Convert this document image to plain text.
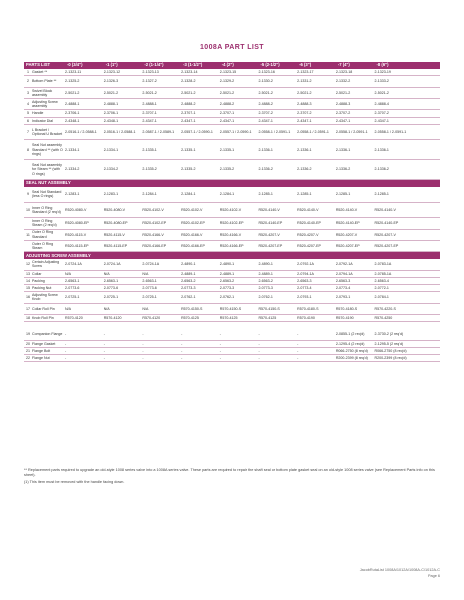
1008A PART LIST
PARTS LIST	-0 (3/4")	-1 (1")	-2 (1-1/4")	-3 (1-1/2")	-4 (2")	-5 (2-1/2")	-6 (3")	-7 (4")	-8 (6")
1 Gasket **	2-1323-11	2-1323-12	2-1323-13	2-1323-14	2-1323-15	2-1323-16	2-1323-17	2-1323-18	2-1323-19
2 Bottom Plate **	2-1325-2	2-1326-3	2-1327-2	2-1328-2	2-1329-2	2-1330-2	2-1331-2	2-1332-2	2-1333-2
3
Swivel Block assembly
2-5021-2	2-5021-2	2-5021-2	2-5021-2	2-5021-2	2-5021-2	2-5021-2	2-5021-2	2-5021-2
4
Adjusting Screw assembly
2-4888-1	2-4888-1	2-4888-1	2-4888-2	2-4888-2	2-4888-2	2-4888-3	2-4888-3	2-4888-4
5 Handle	2-3706-1	2-3706-1	2-3707-1	2-3707-1	2-3707-1	2-3707-2	2-3707-2	2-3707-2	2-3707-2
6 Indicator Dial	2-4348-1	2-4348-1	2-4347-1	2-4347-1	2-4347-1	2-4347-1	2-4347-1	2-4347-1	2-4347-1
7
L Bracket / Optional U Bracket
2-0516-1 / 2-0588-1	2-0516-1 / 2-0588-1	2-0587-1 / 2-0589-1	2-0557-1 / 2-0590-1	2-0557-1 / 2-0590-1	2-0558-1 / 2-0591-1	2-0558-1 / 2-0591-1	2-0558-1 / 2-0591-1	2-0558-1 / 2-0591-1
8
Seal Nut assembly Standard ** (with O rings)
2-1334-1	2-1334-1	2-1335-1	2-1335-1	2-1335-1	2-1336-1	2-1336-1	2-1336-1	2-1336-1
Seal Nut assembly for Steam ** (with O rings)
2-1334-2	2-1334-2	2-1335-2	2-1335-2	2-1335-2	2-1336-2	2-1336-2	2-1336-2	2-1336-2
SEAL NUT ASSEMBLY
9
Seal Nut Standard (less O rings)
2-1283-1	2-1283-1	2-1284-1	2-1284-1	2-1284-1	2-1285-1	2-1285-1	2-1285-1	2-1285-1
10
Inner O Ring Standard (2 req'd)
R520-4080-V	R520-4080-V	R520-4102-V	R520-4102-V	R520-4102-V	R520-4140-V	R520-4140-V	R520-4140-V	R520-4140-V
Inner O Ring Steam (2 req'd)
R520-4080-EP	R520-4080-EP	R520-4102-EP	R520-4102-EP	R520-4102-EP	R520-4140-EP	R520-4140-EP	R520-4140-EP	R520-4140-EP
11
Outer O Ring Standard
R520-4115-V	R520-4115-V	R520-4166-V	R520-4166-V	R520-4166-V	R520-4207-V	R520-4207-V	R520-4207-V	R520-4207-V
Outer O Ring Steam
R520-4115-EP	R520-4115-EP	R520-4166-EP	R520-4166-EP	R520-4166-EP	R520-4207-EP	R520-4207-EP	R520-4207-EP	R520-4207-EP
ADJUSTING SCREW ASSEMBLY
12
Certain Adjusting Screw
2-0724-1A	2-0724-1A	2-0724-1A	2-4890-1	2-4890-1	2-4890-1	2-0792-1A	2-0792-1A	2-0783-1A
13 Collar	N/A	N/A	N/A	2-4889-1	2-4889-1	2-4889-1	2-0794-1A	2-0794-1A	2-0785-1A
14 Packing	2-6563-1	2-6563-1	2-6563-1	2-6563-2	2-6563-2	2-6563-2	2-6563-3	2-6563-3	2-6563-4
15 Packing Nut	2-0773-6	2-0773-6	2-0773-6	2-0773-3	2-0773-3	2-0773-3	2-0773-4	2-0773-4	2-0772-1
16
Adjusting Screw Knob
2-0725-1	2-0725-1	2-0725-1	2-0762-1	2-0762-1	2-0762-1	2-0793-1	2-0793-1	2-0784-1
17 Collar Roll Pin	N/A	N/A	N/A	R570-4150-S	R570-4150-S	R570-4150-S	R570-4180-S	R570-4180-S	R570-4220-S
18 Knob Roll Pin	R570-4120	R570-4120	R570-4120	R570-4125	R570-4125	R570-4125	R570-4190	R570-4190	R570-4250
19 Companion Flange -	-	-	-	-	-	-	2-0855-1 (2 req'd)	2-3730-2 (2 req'd)
20 Flange Gasket	-	-	-	-	-	-	-	2-1295-4 (2 req'd)	2-1295-5 (2 req'd)
21 Flange Bolt	-	-	-	-	-	-	-	R066-2750 (8 req'd)	R066-2750 (8 req'd)
22 Flange Nut	-	-	-	-	-	-	-	R200-2399 (8 req'd)	R200-2399 (8 req'd)
** Replacement parts required to upgrade an old-style 1008 series valve into a 1008A series valve. These parts are required to repair the shaft seal or bottom plate gasket seal on an old-style 1008 series valve (see Replacement Parts info on this sheet).
(1) This item must be removed with the handle facing down.
JacobRutaList 1008A/1012A/1008A-C/1012A-C
Page 6
